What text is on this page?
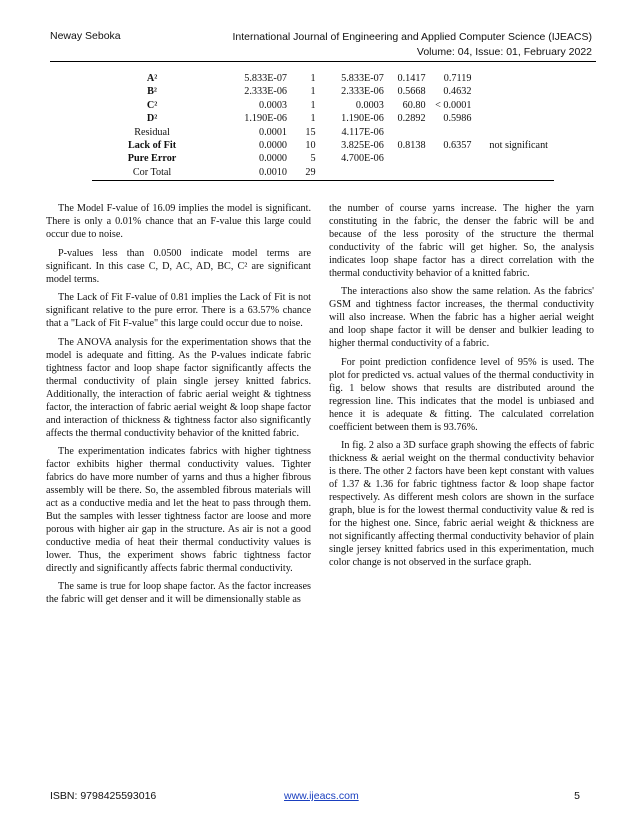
Neway Seboka	International Journal of Engineering and Applied Computer Science (IJEACS)
Volume: 04, Issue: 01, February 2022
A²	5.833E-07	1	5.833E-07	0.1417	0.7119	
B²	2.333E-06	1	2.333E-06	0.5668	0.4632	
C²	0.0003	1	0.0003	60.80	< 0.0001	
D²	1.190E-06	1	1.190E-06	0.2892	0.5986	
Residual	0.0001	15	4.117E-06			
Lack of Fit	0.0000	10	3.825E-06	0.8138	0.6357	not significant
Pure Error	0.0000	5	4.700E-06			
Cor Total	0.0010	29				

The Model F-value of 16.09 implies the model is significant. There is only a 0.01% chance that an F-value this large could occur due to noise.

P-values less than 0.0500 indicate model terms are significant. In this case C, D, AC, AD, BC, C² are significant model terms.

The Lack of Fit F-value of 0.81 implies the Lack of Fit is not significant relative to the pure error. There is a 63.57% chance that a "Lack of Fit F-value" this large could occur due to noise.

The ANOVA analysis for the experimentation shows that the model is adequate and fitting. As the P-values indicate fabric tightness factor and loop shape factor significantly affects the thermal conductivity of plain single jersey knitted fabrics. Additionally, the interaction of fabric aerial weight & tightness factor, the interaction of fabric aerial weight & loop shape factor and interaction of thickness & tightness factor also significantly affects the thermal conductivity behavior of the knitted fabric.

The experimentation indicates fabrics with higher tightness factor exhibits higher thermal conductivity values. Tighter fabrics do have more number of yarns and thus a higher fibrous assembly will be there. So, the assembled fibrous materials will act as a conductive media and let the heat to pass through them. But the samples with lesser tightness factor are loose and more porous with higher air gap in the structure. As air is not a good conductive media of heat their thermal conductivity values is lower. Thus, the experiment shows fabric tightness factor directly and significantly affects fabric thermal conductivity.

The same is true for loop shape factor. As the factor increases the fabric will get denser and it will be dimensionally stable as

the number of course yarns increase. The higher the yarn constituting in the fabric, the denser the fabric will be and because of the less porosity of the structure the thermal conductivity of the fabric will get higher. So, the analysis indicates loop shape factor has a direct correlation with the thermal conductivity behavior of a knitted fabric.

The interactions also show the same relation. As the fabrics' GSM and tightness factor increases, the thermal conductivity will also increase. When the fabric has a higher aerial weight and loop shape factor it will be denser and bulkier leading to higher thermal conductivity of a fabric.

For point prediction confidence level of 95% is used. The plot for predicted vs. actual values of the thermal conductivity in fig. 1 below shows that results are distributed around the regression line. This indicates that the model is unbiased and hence it is adequate & fitting. The calculated correlation coefficient between them is 93.76%.

In fig. 2 also a 3D surface graph showing the effects of fabric thickness & aerial weight on the thermal conductivity behavior is there. The other 2 factors have been kept constant with values of 1.37 & 1.36 for fabric tightness factor & loop shape factor respectively. As different mesh colors are shown in the surface graph, blue is for the lowest thermal conductivity value & red is for the highest one. Since, fabric aerial weight & thickness are not significantly affecting thermal conductivity behavior of plain single jersey knitted fabrics used in this experimentation, much color change is not observed in the surface graph.

ISBN: 9798425593016	www.ijeacs.com	5
